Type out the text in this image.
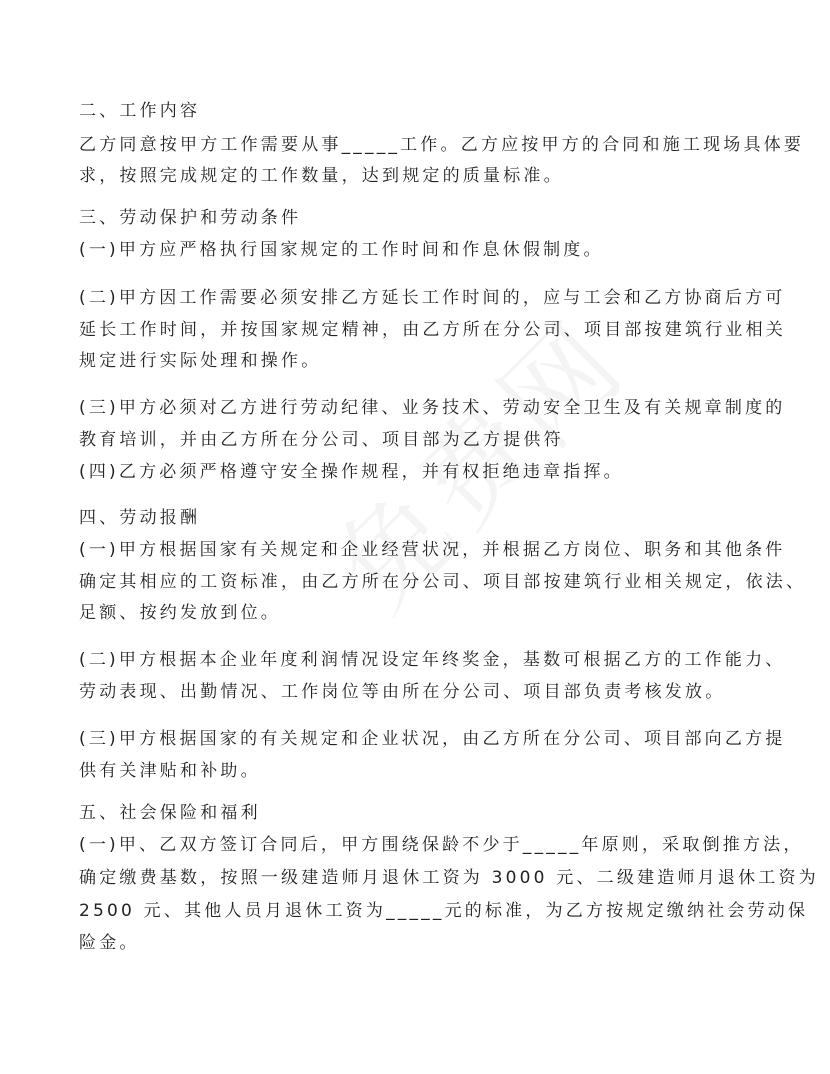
二、工作内容
乙方同意按甲方工作需要从事_____工作。乙方应按甲方的合同和施工现场具体要
求，按照完成规定的工作数量，达到规定的质量标准。
三、劳动保护和劳动条件
(一)甲方应严格执行国家规定的工作时间和作息休假制度。
(二)甲方因工作需要必须安排乙方延长工作时间的，应与工会和乙方协商后方可
延长工作时间，并按国家规定精神，由乙方所在分公司、项目部按建筑行业相关
规定进行实际处理和操作。
(三)甲方必须对乙方进行劳动纪律、业务技术、劳动安全卫生及有关规章制度的
教育培训，并由乙方所在分公司、项目部为乙方提供符
(四)乙方必须严格遵守安全操作规程，并有权拒绝违章指挥。
四、劳动报酬
(一)甲方根据国家有关规定和企业经营状况，并根据乙方岗位、职务和其他条件
确定其相应的工资标准，由乙方所在分公司、项目部按建筑行业相关规定，依法、
足额、按约发放到位。
(二)甲方根据本企业年度利润情况设定年终奖金，基数可根据乙方的工作能力、
劳动表现、出勤情况、工作岗位等由所在分公司、项目部负责考核发放。
(三)甲方根据国家的有关规定和企业状况，由乙方所在分公司、项目部向乙方提
供有关津贴和补助。
五、社会保险和福利
(一)甲、乙双方签订合同后，甲方围绕保龄不少于_____年原则，采取倒推方法，
确定缴费基数，按照一级建造师月退休工资为 3000 元、二级建造师月退休工资为
2500 元、其他人员月退休工资为_____元的标准，为乙方按规定缴纳社会劳动保
险金。
